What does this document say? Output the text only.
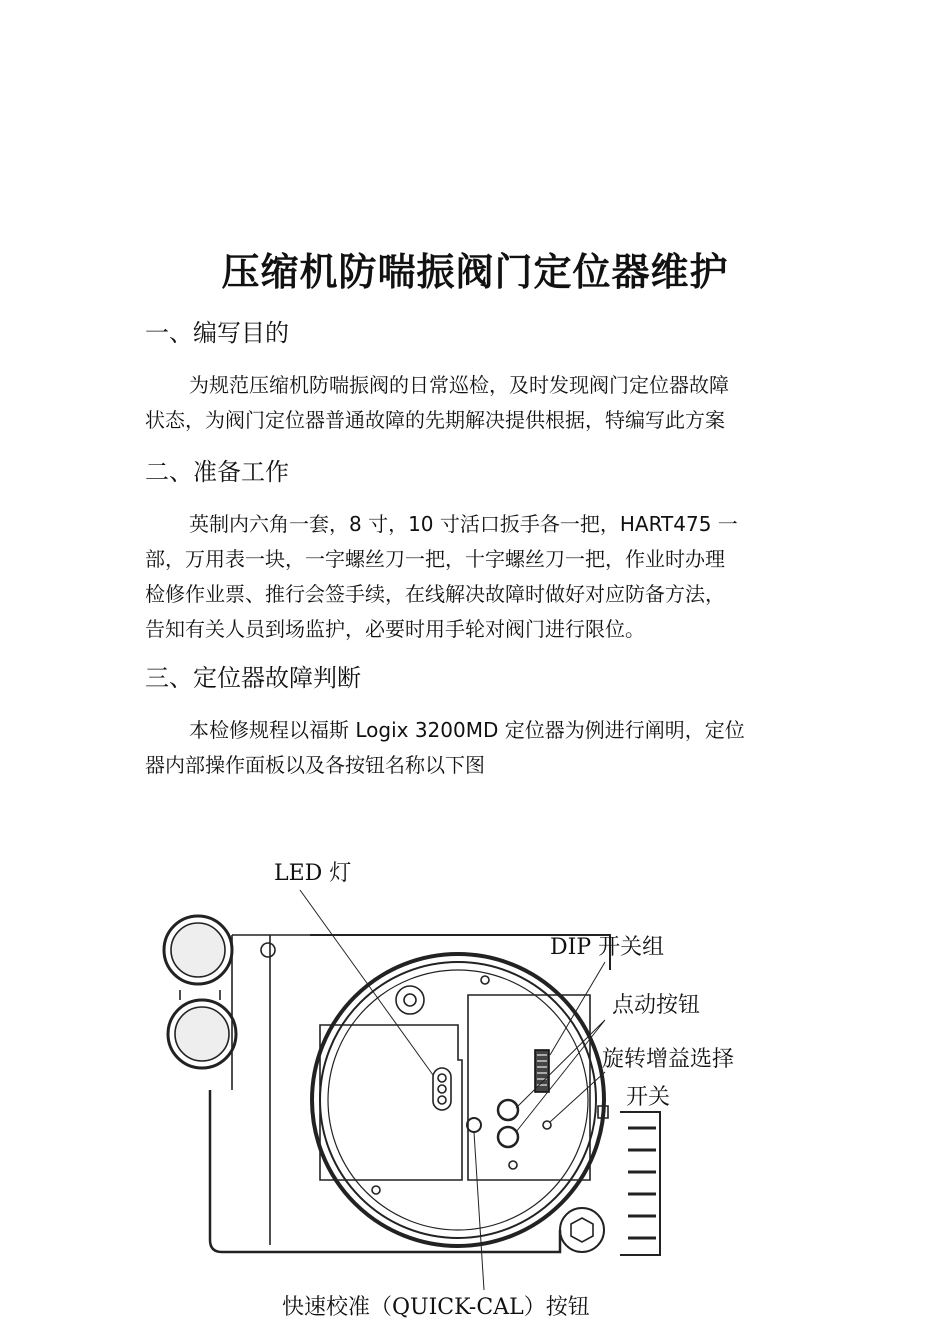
压缩机防喘振阀门定位器维护
一、编写目的
为规范压缩机防喘振阀的日常巡检，及时发现阀门定位器故障
状态，为阀门定位器普通故障的先期解决提供根据，特编写此方案
二、准备工作
英制内六角一套，8 寸，10 寸活口扳手各一把，HART475 一
部，万用表一块，一字螺丝刀一把，十字螺丝刀一把，作业时办理
检修作业票、推行会签手续，在线解决故障时做好对应防备方法，
告知有关人员到场监护，必要时用手轮对阀门进行限位。
三、定位器故障判断
本检修规程以福斯 Logix 3200MD 定位器为例进行阐明，定位
器内部操作面板以及各按钮名称以下图
LED 灯
DIP 开关组
点动按钮
旋转增益选择
开关
快速校准（QUICK-CAL）按钮
